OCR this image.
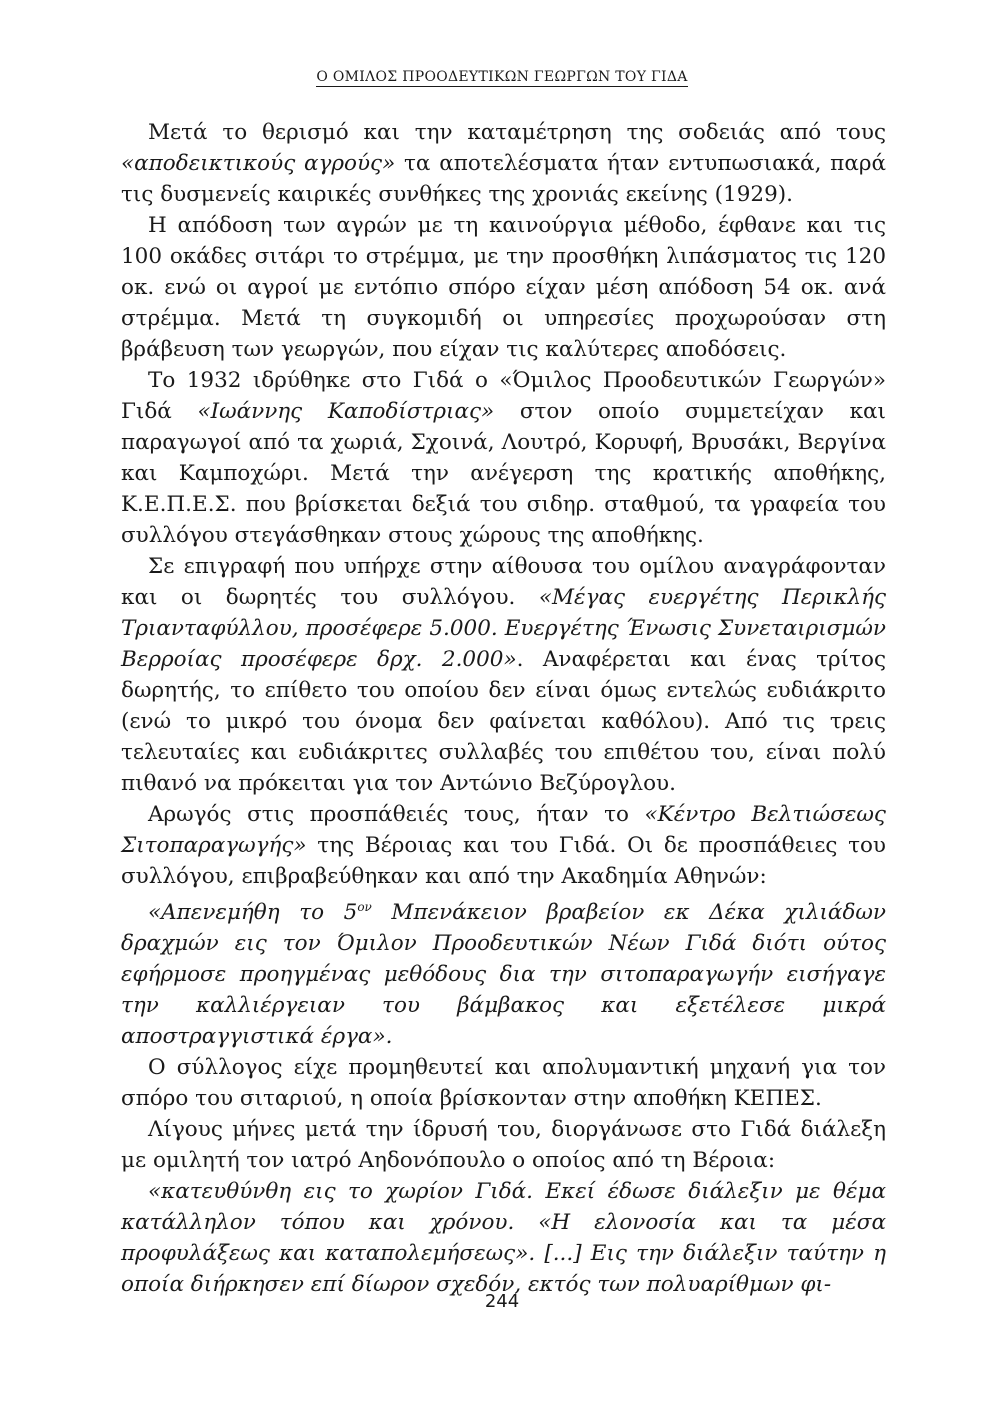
Ο ΟΜΙΛΟΣ ΠΡΟΟΔΕΥΤΙΚΩΝ ΓΕΩΡΓΩΝ ΤΟΥ ΓΙΔΑ

Μετά το θερισμό και την καταμέτρηση της σοδειάς από τους «αποδεικτικούς αγρούς» τα αποτελέσματα ήταν εντυπωσιακά, παρά τις δυσμενείς καιρικές συνθήκες της χρονιάς εκείνης (1929).

Η απόδοση των αγρών με τη καινούργια μέθοδο, έφθανε και τις 100 οκάδες σιτάρι το στρέμμα, με την προσθήκη λιπάσματος τις 120 οκ. ενώ οι αγροί με εντόπιο σπόρο είχαν μέση απόδοση 54 οκ. ανά στρέμμα. Μετά τη συγκομιδή οι υπηρεσίες προχωρούσαν στη βράβευση των γεωργών, που είχαν τις καλύτερες αποδόσεις.

Το 1932 ιδρύθηκε στο Γιδά ο «Όμιλος Προοδευτικών Γεωργών» Γιδά «Ιωάννης Καποδίστριας» στον οποίο συμμετείχαν και παραγωγοί από τα χωριά, Σχοινά, Λουτρό, Κορυφή, Βρυσάκι, Βεργίνα και Καμποχώρι. Μετά την ανέγερση της κρατικής αποθήκης, Κ.Ε.Π.Ε.Σ. που βρίσκεται δεξιά του σιδηρ. σταθμού, τα γραφεία του συλλόγου στεγάσθηκαν στους χώρους της αποθήκης.

Σε επιγραφή που υπήρχε στην αίθουσα του ομίλου αναγράφονταν και οι δωρητές του συλλόγου. «Μέγας ευεργέτης Περικλής Τριανταφύλλου, προσέφερε 5.000. Ευεργέτης Ένωσις Συνεταιρισμών Βερροίας προσέφερε δρχ. 2.000». Αναφέρεται και ένας τρίτος δωρητής, το επίθετο του οποίου δεν είναι όμως εντελώς ευδιάκριτο (ενώ το μικρό του όνομα δεν φαίνεται καθόλου). Από τις τρεις τελευταίες και ευδιάκριτες συλλαβές του επιθέτου του, είναι πολύ πιθανό να πρόκειται για τον Αντώνιο Βεζύρογλου.

Αρωγός στις προσπάθειές τους, ήταν το «Κέντρο Βελτιώσεως Σιτοπαραγωγής» της Βέροιας και του Γιδά. Οι δε προσπάθειες του συλλόγου, επιβραβεύθηκαν και από την Ακαδημία Αθηνών:

«Απενεμήθη το $5^{o\nu}$ Μπενάκειον βραβείον εκ Δέκα χιλιάδων δραχμών εις τον Όμιλον Προοδευτικών Νέων Γιδά διότι ούτος εφήρμοσε προηγμένας μεθόδους δια την σιτοπαραγωγήν εισήγαγε την καλλιέργειαν του βάμβακος και εξετέλεσε μικρά αποστραγγιστικά έργα».

Ο σύλλογος είχε προμηθευτεί και απολυμαντική μηχανή για τον σπόρο του σιταριού, η οποία βρίσκονταν στην αποθήκη ΚΕΠΕΣ.

Λίγους μήνες μετά την ίδρυσή του, διοργάνωσε στο Γιδά διάλεξη με ομιλητή τον ιατρό Αηδονόπουλο ο οποίος από τη Βέροια:

«κατευθύνθη εις το χωρίον Γιδά. Εκεί έδωσε διάλεξιν με θέμα κατάλληλον τόπου και χρόνου. «Η ελονοσία και τα μέσα προφυλάξεως και καταπολεμήσεως». [...] Εις την διάλεξιν ταύτην η οποία διήρκησεν επί δίωρον σχεδόν, εκτός των πολυαρίθμων φι-

244
